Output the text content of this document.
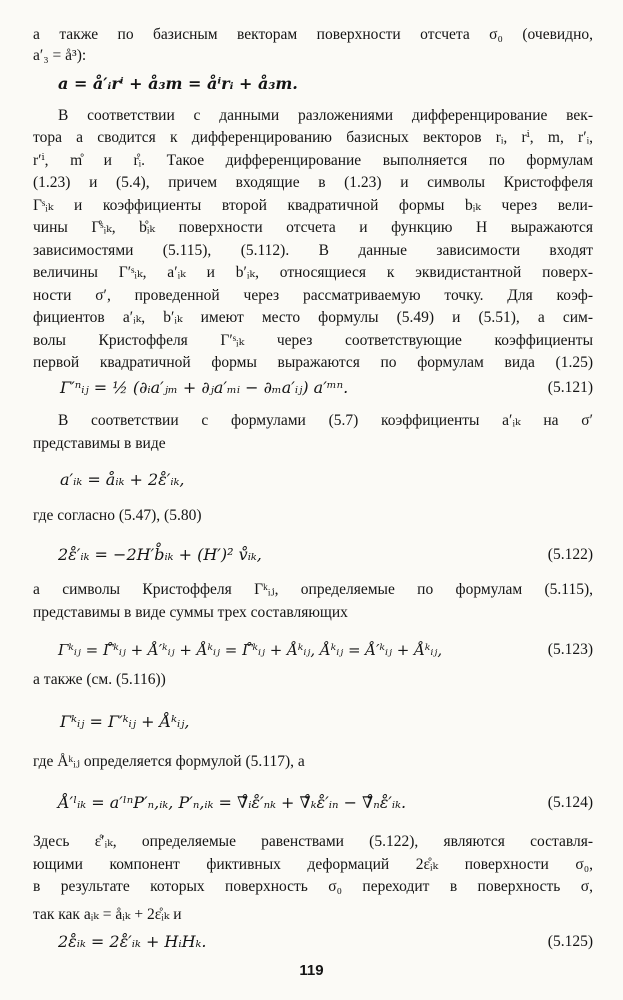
а также по базисным векторам поверхности отсчета σ₀ (очевидно,
a′₃ = å³):
a = å′ᵢrⁱ + å₃m = åⁱrᵢ + å₃m.
В соответствии с данными разложениями дифференцирование век-
тора a сводится к дифференцированию базисных векторов rᵢ, rⁱ, m, r′ᵢ,
r′ⁱ, m̊ и r̊ᵢ. Такое дифференцирование выполняется по формулам
(1.23) и (5.4), причем входящие в (1.23) и символы Кристоффеля
Γˢᵢₖ и коэффициенты второй квадратичной формы bᵢₖ через вели-
чины Γ̊ˢᵢₖ, b̊ᵢₖ поверхности отсчета и функцию H выражаются
зависимостями (5.115), (5.112). В данные зависимости входят
величины Γ′ˢᵢₖ, a′ᵢₖ и b′ᵢₖ, относящиеся к эквидистантной поверх-
ности σ′, проведенной через рассматриваемую точку. Для коэф-
фициентов a′ᵢₖ, b′ᵢₖ имеют место формулы (5.49) и (5.51), а сим-
волы Кристоффеля Γ′ˢᵢₖ через соответствующие коэффициенты
первой квадратичной формы выражаются по формулам вида (1.25)
Γ′ⁿᵢⱼ = ½ (∂ᵢa′ⱼₘ + ∂ⱼa′ₘᵢ − ∂ₘa′ᵢⱼ) a′ᵐⁿ.	(5.121)
В соответствии с формулами (5.7) коэффициенты a′ᵢₖ на σ′
представимы в виде
a′ᵢₖ = åᵢₖ + 2ε̊′ᵢₖ,
где согласно (5.47), (5.80)
2ε̊′ᵢₖ = −2H′b̊ᵢₖ + (H′)² v̊ᵢₖ,	(5.122)
а символы Кристоффеля Γᵏᵢⱼ, определяемые по формулам (5.115),
представимы в виде суммы трех составляющих
Γᵏᵢⱼ = Γ̊ᵏᵢⱼ + Å′ᵏᵢⱼ + Åᵏᵢⱼ = Γ̊ᵏᵢⱼ + Åᵏᵢⱼ, Åᵏᵢⱼ = Å′ᵏᵢⱼ + Åᵏᵢⱼ,	(5.123)
а также (см. (5.116))
Γᵏᵢⱼ = Γ′ᵏᵢⱼ + Åᵏᵢⱼ,
где Åᵏᵢⱼ определяется формулой (5.117), а
Å′ˡᵢₖ = a′ˡⁿP′ₙ,ᵢₖ, P′ₙ,ᵢₖ = ∇̊ᵢε̊′ₙₖ + ∇̊ₖε̊′ᵢₙ − ∇̊ₙε̊′ᵢₖ.	(5.124)
Здесь ε̊′ᵢₖ, определяемые равенствами (5.122), являются составля-
ющими компонент фиктивных деформаций 2ε̊ᵢₖ поверхности σ₀,
в результате которых поверхность σ₀ переходит в поверхность σ,
так как aᵢₖ = åᵢₖ + 2ε̊ᵢₖ и
2ε̊ᵢₖ = 2ε̊′ᵢₖ + HᵢHₖ.	(5.125)
119
